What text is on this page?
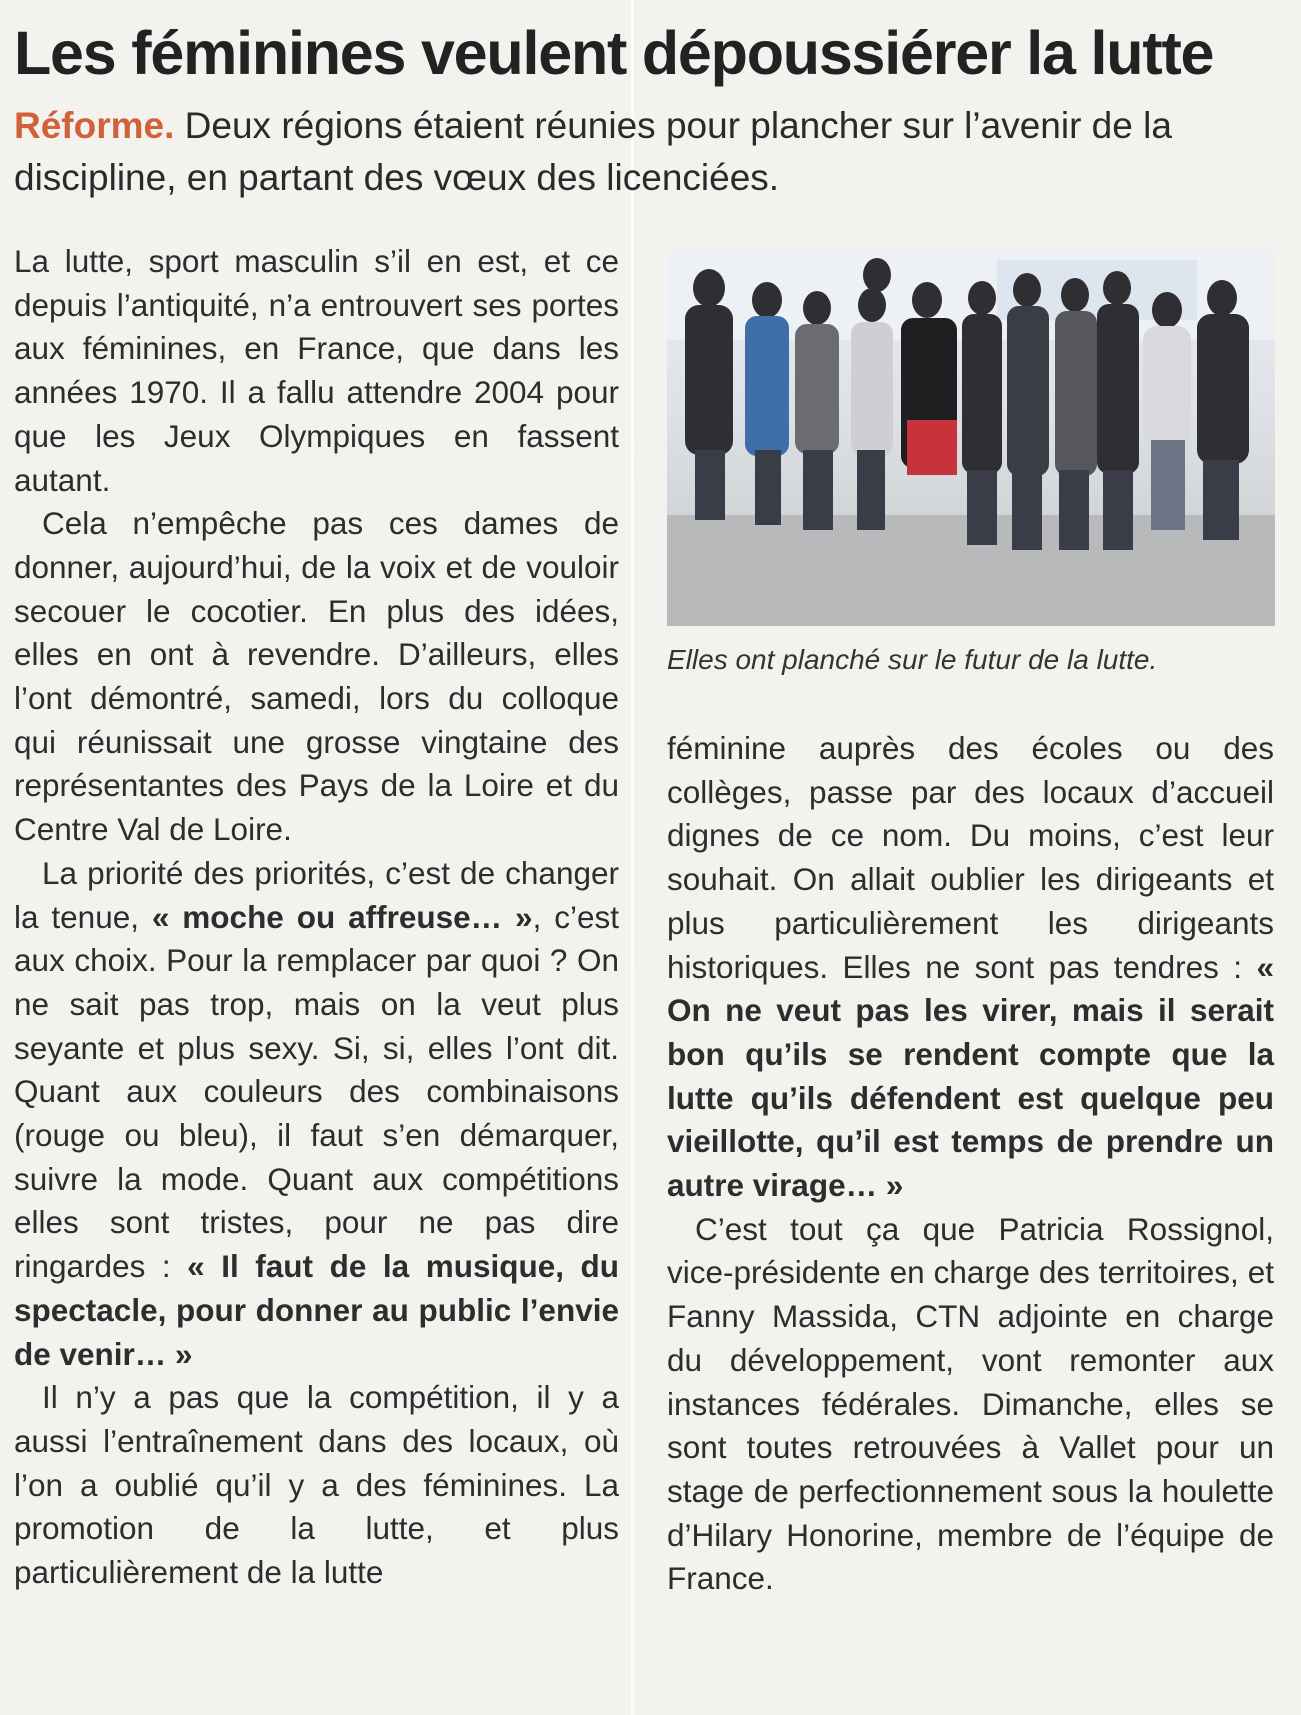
Les féminines veulent dépoussiérer la lutte

Réforme. Deux régions étaient réunies pour plancher sur l’avenir de la discipline, en partant des vœux des licenciées.

La lutte, sport masculin s’il en est, et ce depuis l’antiquité, n’a entrouvert ses portes aux féminines, en France, que dans les années 1970. Il a fallu attendre 2004 pour que les Jeux Olympiques en fassent autant.

Cela n’empêche pas ces dames de donner, aujourd’hui, de la voix et de vouloir secouer le cocotier. En plus des idées, elles en ont à revendre. D’ailleurs, elles l’ont démontré, samedi, lors du colloque qui réunissait une grosse vingtaine des représentantes des Pays de la Loire et du Centre Val de Loire.

La priorité des priorités, c’est de changer la tenue, « moche ou affreuse… », c’est aux choix. Pour la remplacer par quoi ? On ne sait pas trop, mais on la veut plus seyante et plus sexy. Si, si, elles l’ont dit. Quant aux couleurs des combinaisons (rouge ou bleu), il faut s’en démarquer, suivre la mode. Quant aux compétitions elles sont tristes, pour ne pas dire ringardes : « Il faut de la musique, du spectacle, pour donner au public l’envie de venir… »

Il n’y a pas que la compétition, il y a aussi l’entraînement dans des locaux, où l’on a oublié qu’il y a des féminines. La promotion de la lutte, et plus particulièrement de la lutte

Elles ont planché sur le futur de la lutte.

féminine auprès des écoles ou des collèges, passe par des locaux d’accueil dignes de ce nom. Du moins, c’est leur souhait. On allait oublier les dirigeants et plus particulièrement les dirigeants historiques. Elles ne sont pas tendres : « On ne veut pas les virer, mais il serait bon qu’ils se rendent compte que la lutte qu’ils défendent est quelque peu vieillotte, qu’il est temps de prendre un autre virage… »

C’est tout ça que Patricia Rossignol, vice-présidente en charge des territoires, et Fanny Massida, CTN adjointe en charge du développement, vont remonter aux instances fédérales. Dimanche, elles se sont toutes retrouvées à Vallet pour un stage de perfectionnement sous la houlette d’Hilary Honorine, membre de l’équipe de France.
